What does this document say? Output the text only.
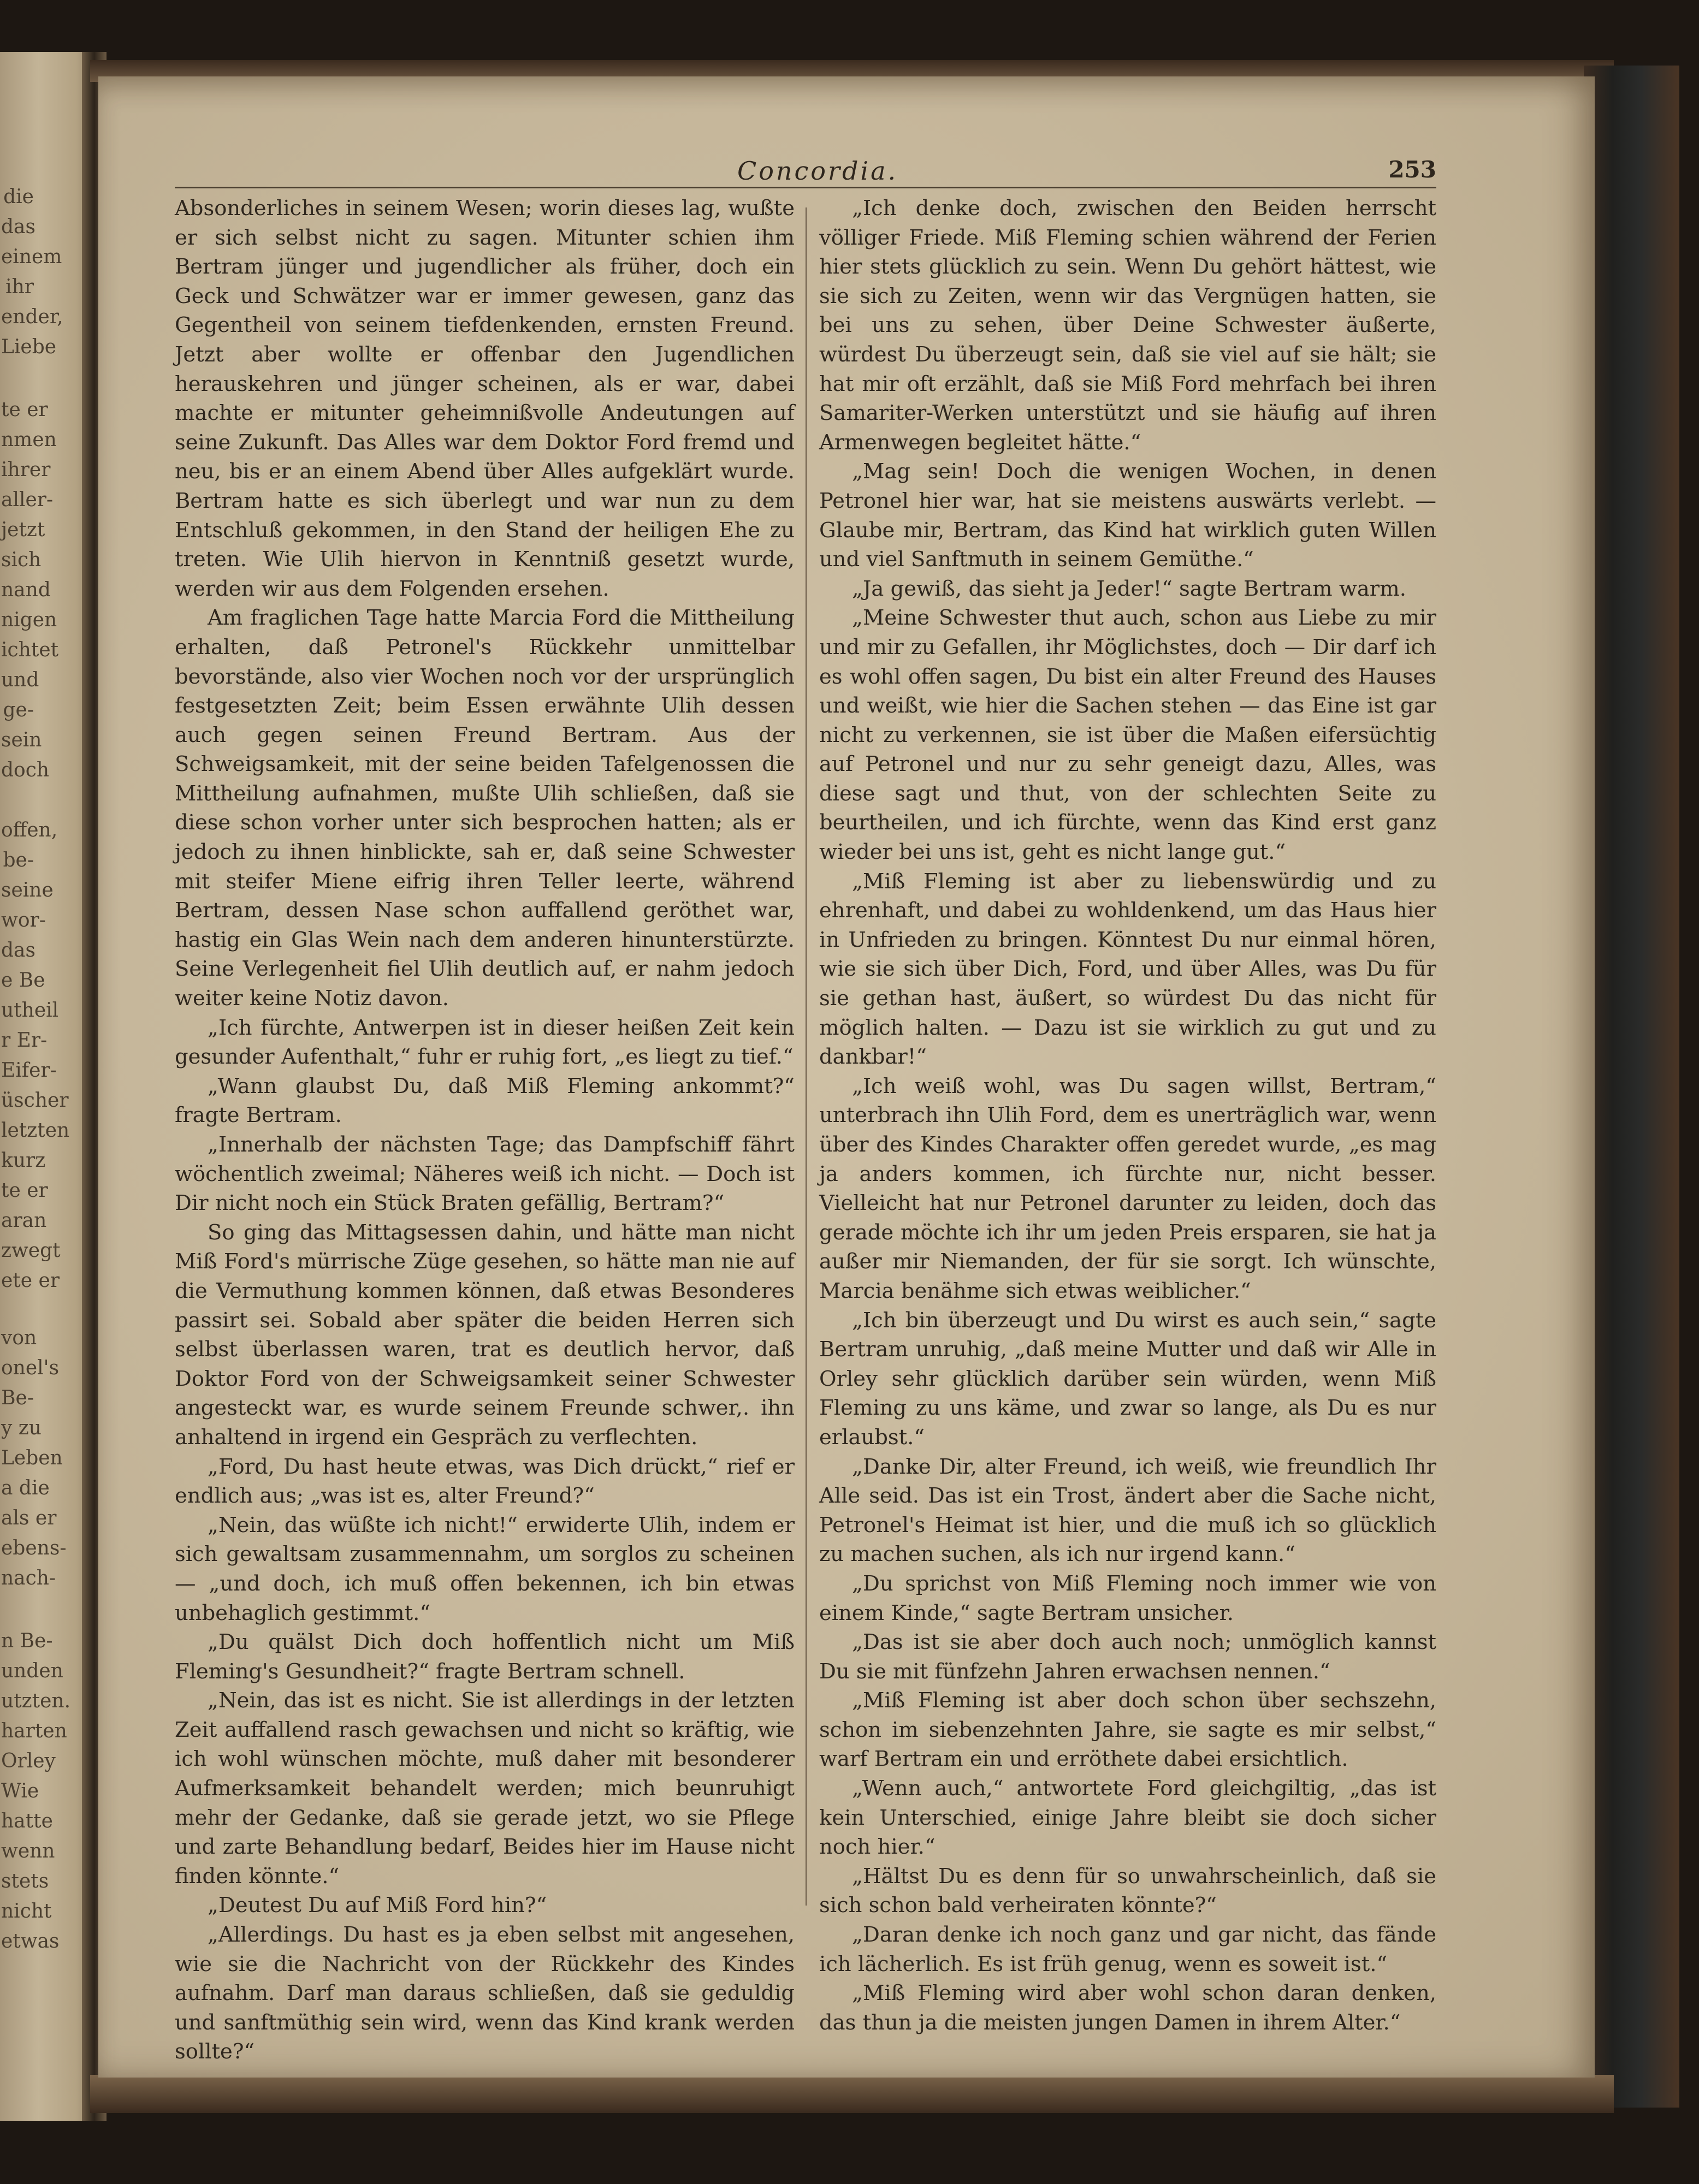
die
das
einem
ihr
ender,
Liebe
te er
nmen
ihrer
aller-
jetzt
sich
nand
nigen
ichtet
und
ge-
sein
doch
offen,
be-
seine
wor-
das
e Be
utheil
r Er-
Eifer-
üscher
letzten
kurz
te er
aran
zwegt
ete er
von
onel's
Be-
y zu
Leben
a die
als er
ebens-
nach-
n Be-
unden
utzten.
harten
Orley
Wie
hatte
wenn
stets
nicht
etwas
Concordia.	253

Absonderliches in seinem Wesen; worin dieses lag, wußte er sich selbst nicht zu sagen. Mitunter schien ihm Bertram jünger und jugendlicher als früher, doch ein Geck und Schwätzer war er immer gewesen, ganz das Gegentheil von seinem tiefdenkenden, ernsten Freund. Jetzt aber wollte er offenbar den Jugendlichen herauskehren und jünger scheinen, als er war, dabei machte er mitunter geheimnißvolle Andeutungen auf seine Zukunft. Das Alles war dem Doktor Ford fremd und neu, bis er an einem Abend über Alles aufgeklärt wurde. Bertram hatte es sich überlegt und war nun zu dem Entschluß gekommen, in den Stand der heiligen Ehe zu treten. Wie Ulih hiervon in Kenntniß gesetzt wurde, werden wir aus dem Folgenden ersehen.

Am fraglichen Tage hatte Marcia Ford die Mittheilung erhalten, daß Petronel's Rückkehr unmittelbar bevorstände, also vier Wochen noch vor der ursprünglich festgesetzten Zeit; beim Essen erwähnte Ulih dessen auch gegen seinen Freund Bertram. Aus der Schweigsamkeit, mit der seine beiden Tafelgenossen die Mittheilung aufnahmen, mußte Ulih schließen, daß sie diese schon vorher unter sich besprochen hatten; als er jedoch zu ihnen hinblickte, sah er, daß seine Schwester mit steifer Miene eifrig ihren Teller leerte, während Bertram, dessen Nase schon auffallend geröthet war, hastig ein Glas Wein nach dem anderen hinunterstürzte. Seine Verlegenheit fiel Ulih deutlich auf, er nahm jedoch weiter keine Notiz davon.

„Ich fürchte, Antwerpen ist in dieser heißen Zeit kein gesunder Aufenthalt,“ fuhr er ruhig fort, „es liegt zu tief.“

„Wann glaubst Du, daß Miß Fleming ankommt?“ fragte Bertram.

„Innerhalb der nächsten Tage; das Dampfschiff fährt wöchentlich zweimal; Näheres weiß ich nicht. — Doch ist Dir nicht noch ein Stück Braten gefällig, Bertram?“

So ging das Mittagsessen dahin, und hätte man nicht Miß Ford's mürrische Züge gesehen, so hätte man nie auf die Vermuthung kommen können, daß etwas Besonderes passirt sei. Sobald aber später die beiden Herren sich selbst überlassen waren, trat es deutlich hervor, daß Doktor Ford von der Schweigsamkeit seiner Schwester angesteckt war, es wurde seinem Freunde schwer,. ihn anhaltend in irgend ein Gespräch zu verflechten.

„Ford, Du hast heute etwas, was Dich drückt,“ rief er endlich aus; „was ist es, alter Freund?“

„Nein, das wüßte ich nicht!“ erwiderte Ulih, indem er sich gewaltsam zusammennahm, um sorglos zu scheinen — „und doch, ich muß offen bekennen, ich bin etwas unbehaglich gestimmt.“

„Du quälst Dich doch hoffentlich nicht um Miß Fleming's Gesundheit?“ fragte Bertram schnell.

„Nein, das ist es nicht. Sie ist allerdings in der letzten Zeit auffallend rasch gewachsen und nicht so kräftig, wie ich wohl wünschen möchte, muß daher mit besonderer Aufmerksamkeit behandelt werden; mich beunruhigt mehr der Gedanke, daß sie gerade jetzt, wo sie Pflege und zarte Behandlung bedarf, Beides hier im Hause nicht finden könnte.“

„Deutest Du auf Miß Ford hin?“

„Allerdings. Du hast es ja eben selbst mit angesehen, wie sie die Nachricht von der Rückkehr des Kindes aufnahm. Darf man daraus schließen, daß sie geduldig und sanftmüthig sein wird, wenn das Kind krank werden sollte?“

„Ich denke doch, zwischen den Beiden herrscht völliger Friede. Miß Fleming schien während der Ferien hier stets glücklich zu sein. Wenn Du gehört hättest, wie sie sich zu Zeiten, wenn wir das Vergnügen hatten, sie bei uns zu sehen, über Deine Schwester äußerte, würdest Du überzeugt sein, daß sie viel auf sie hält; sie hat mir oft erzählt, daß sie Miß Ford mehrfach bei ihren Samariter-Werken unterstützt und sie häufig auf ihren Armenwegen begleitet hätte.“

„Mag sein! Doch die wenigen Wochen, in denen Petronel hier war, hat sie meistens auswärts verlebt. — Glaube mir, Bertram, das Kind hat wirklich guten Willen und viel Sanftmuth in seinem Gemüthe.“

„Ja gewiß, das sieht ja Jeder!“ sagte Bertram warm.

„Meine Schwester thut auch, schon aus Liebe zu mir und mir zu Gefallen, ihr Möglichstes, doch — Dir darf ich es wohl offen sagen, Du bist ein alter Freund des Hauses und weißt, wie hier die Sachen stehen — das Eine ist gar nicht zu verkennen, sie ist über die Maßen eifersüchtig auf Petronel und nur zu sehr geneigt dazu, Alles, was diese sagt und thut, von der schlechten Seite zu beurtheilen, und ich fürchte, wenn das Kind erst ganz wieder bei uns ist, geht es nicht lange gut.“

„Miß Fleming ist aber zu liebenswürdig und zu ehrenhaft, und dabei zu wohldenkend, um das Haus hier in Unfrieden zu bringen. Könntest Du nur einmal hören, wie sie sich über Dich, Ford, und über Alles, was Du für sie gethan hast, äußert, so würdest Du das nicht für möglich halten. — Dazu ist sie wirklich zu gut und zu dankbar!“

„Ich weiß wohl, was Du sagen willst, Bertram,“ unterbrach ihn Ulih Ford, dem es unerträglich war, wenn über des Kindes Charakter offen geredet wurde, „es mag ja anders kommen, ich fürchte nur, nicht besser. Vielleicht hat nur Petronel darunter zu leiden, doch das gerade möchte ich ihr um jeden Preis ersparen, sie hat ja außer mir Niemanden, der für sie sorgt. Ich wünschte, Marcia benähme sich etwas weiblicher.“

„Ich bin überzeugt und Du wirst es auch sein,“ sagte Bertram unruhig, „daß meine Mutter und daß wir Alle in Orley sehr glücklich darüber sein würden, wenn Miß Fleming zu uns käme, und zwar so lange, als Du es nur erlaubst.“

„Danke Dir, alter Freund, ich weiß, wie freundlich Ihr Alle seid. Das ist ein Trost, ändert aber die Sache nicht, Petronel's Heimat ist hier, und die muß ich so glücklich zu machen suchen, als ich nur irgend kann.“

„Du sprichst von Miß Fleming noch immer wie von einem Kinde,“ sagte Bertram unsicher.

„Das ist sie aber doch auch noch; unmöglich kannst Du sie mit fünfzehn Jahren erwachsen nennen.“

„Miß Fleming ist aber doch schon über sechszehn, schon im siebenzehnten Jahre, sie sagte es mir selbst,“ warf Bertram ein und erröthete dabei ersichtlich.

„Wenn auch,“ antwortete Ford gleichgiltig, „das ist kein Unterschied, einige Jahre bleibt sie doch sicher noch hier.“

„Hältst Du es denn für so unwahrscheinlich, daß sie sich schon bald verheiraten könnte?“

„Daran denke ich noch ganz und gar nicht, das fände ich lächerlich. Es ist früh genug, wenn es soweit ist.“

„Miß Fleming wird aber wohl schon daran denken, das thun ja die meisten jungen Damen in ihrem Alter.“
